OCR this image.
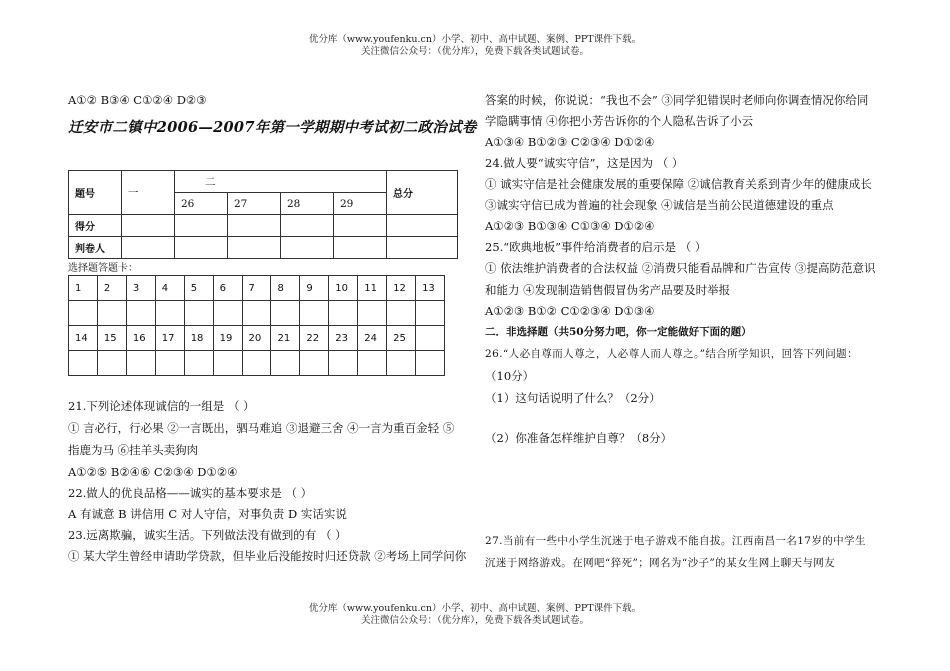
优分库（www.youfenku.cn）小学、初中、高中试题、案例、PPT课件下载。
关注微信公众号：（优分库），免费下载各类试题试卷。
A①② B③④ C①②④ D②③
迁安市二镇中2006—2007年第一学期期中考试初二政治试卷
题号	一	二				总分
		26	27	28	29	
得分						
判卷人						
选择题答题卡：
1	2	3	4	5	6	7	8	9	10	11	12	13

14	15	16	17	18	19	20	21	22	23	24	25	

21.下列论述体现诚信的一组是 （ ）
① 言必行，行必果 ②一言既出，驷马难追 ③退避三舍 ④一言为重百金轻 ⑤
指鹿为马 ⑥挂羊头卖狗肉
A①②⑤ B②④⑥ C②③④ D①②④
22.做人的优良品格——诚实的基本要求是 （ ）
A 有诚意 B 讲信用 C 对人守信，对事负责 D 实话实说
23.远离欺骗，诚实生活。下列做法没有做到的有 （ ）
① 某大学生曾经申请助学贷款，但毕业后没能按时归还贷款 ②考场上同学问你
答案的时候，你说说：“我也不会” ③同学犯错误时老师向你调查情况你给同
学隐瞒事情 ④你把小芳告诉你的个人隐私告诉了小云
A①③④ B①②③ C②③④ D①②④
24.做人要“诚实守信”，这是因为 （ ）
① 诚实守信是社会健康发展的重要保障 ②诚信教育关系到青少年的健康成长
③诚实守信已成为普遍的社会现象 ④诚信是当前公民道德建设的重点
A①②③ B①③④ C①③④ D①②④
25.“欧典地板”事件给消费者的启示是 （ ）
① 依法维护消费者的合法权益 ②消费只能看品牌和广告宣传 ③提高防范意识
和能力 ④发现制造销售假冒伪劣产品要及时举报
A①②③ B①② C①②③④ D①③④
二．非选择题（共50分努力吧，你一定能做好下面的题）
26.“人必自尊而人尊之，人必尊人而人尊之。”结合所学知识，回答下列问题：
（10分）
（1）这句话说明了什么？（2分）
（2）你准备怎样维护自尊？（8分）
27.当前有一些中小学生沉迷于电子游戏不能自拔。江西南昌一名17岁的中学生
沉迷于网络游戏。在网吧“猝死”；网名为“沙子”的某女生网上聊天与网友
优分库（www.youfenku.cn）小学、初中、高中试题、案例、PPT课件下载。
关注微信公众号：（优分库），免费下载各类试题试卷。
